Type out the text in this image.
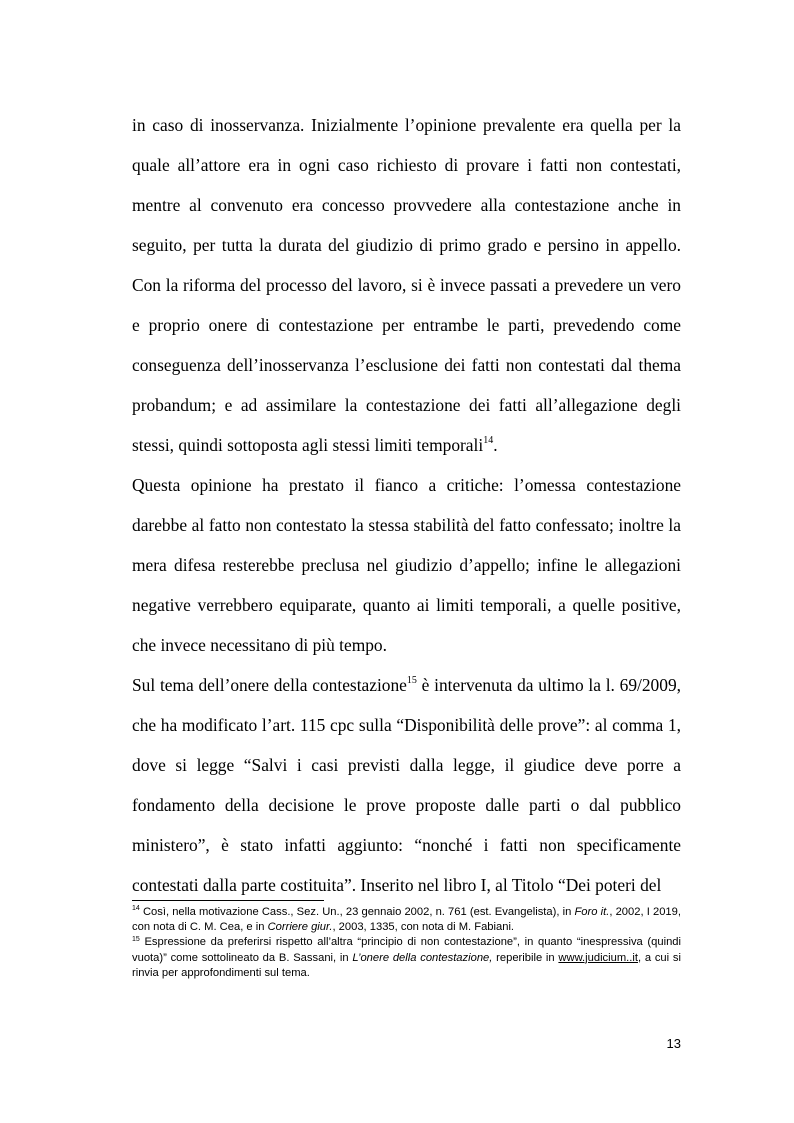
in caso di inosservanza. Inizialmente l’opinione prevalente era quella per la quale all’attore era in ogni caso richiesto di provare i fatti non contestati, mentre al convenuto era concesso provvedere alla contestazione anche in seguito, per tutta la durata del giudizio di primo grado e persino in appello. Con la riforma del processo del lavoro, si è invece passati a prevedere un vero e proprio onere di contestazione per entrambe le parti, prevedendo come conseguenza dell’inosservanza l’esclusione dei fatti non contestati dal thema probandum; e ad assimilare la contestazione dei fatti all’allegazione degli stessi, quindi sottoposta agli stessi limiti temporali$^{14}$.

Questa opinione ha prestato il fianco a critiche: l’omessa contestazione darebbe al fatto non contestato la stessa stabilità del fatto confessato; inoltre la mera difesa resterebbe preclusa nel giudizio d’appello; infine le allegazioni negative verrebbero equiparate, quanto ai limiti temporali, a quelle positive, che invece necessitano di più tempo.

Sul tema dell’onere della contestazione$^{15}$ è intervenuta da ultimo la l. 69/2009, che ha modificato l’art. 115 cpc sulla “Disponibilità delle prove”: al comma 1, dove si legge “Salvi i casi previsti dalla legge, il giudice deve porre a fondamento della decisione le prove proposte dalle parti o dal pubblico ministero”, è stato infatti aggiunto: “nonché i fatti non specificamente contestati dalla parte costituita”. Inserito nel libro I, al Titolo “Dei poteri del

$^{14}$ Così, nella motivazione Cass., Sez. Un., 23 gennaio 2002, n. 761 (est. Evangelista), in Foro it., 2002, I 2019, con nota di C. M. Cea, e in Corriere giur., 2003, 1335, con nota di M. Fabiani.

$^{15}$ Espressione da preferirsi rispetto all’altra “principio di non contestazione”, in quanto “inespressiva (quindi vuota)” come sottolineato da B. Sassani, in L’onere della contestazione, reperibile in www.judicium..it, a cui si rinvia per approfondimenti sul tema.

13
